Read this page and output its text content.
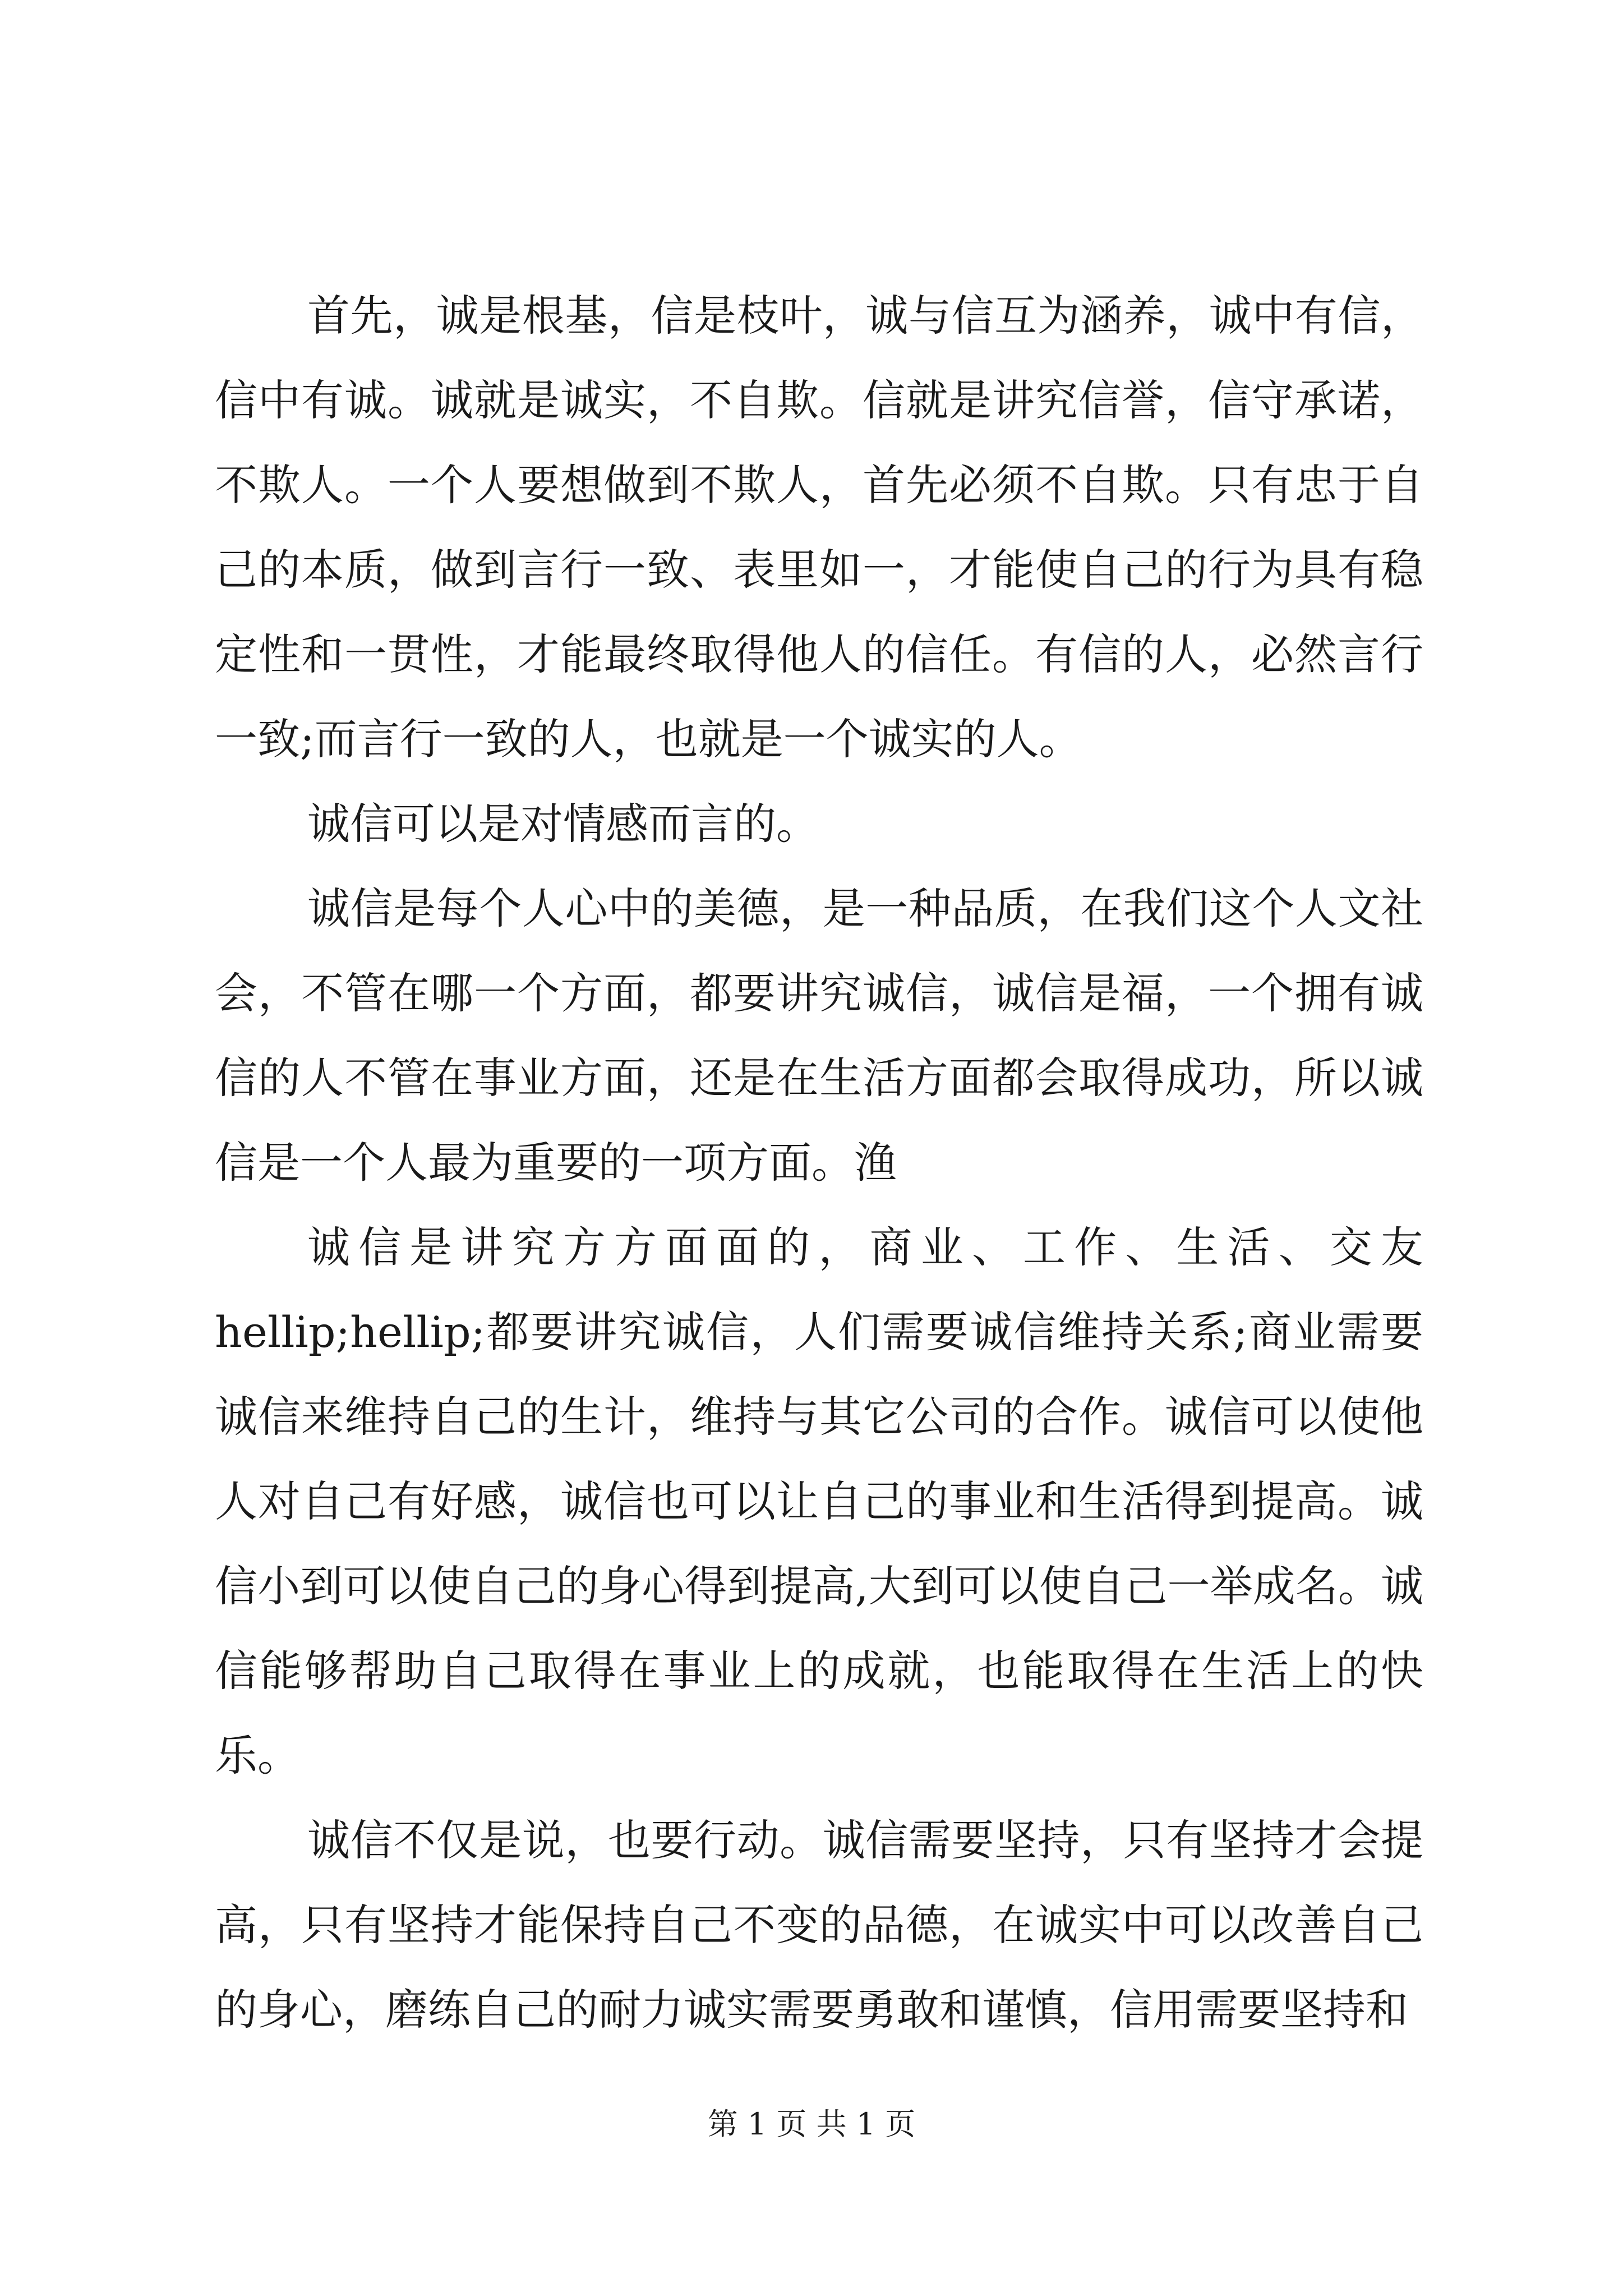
首先，诚是根基，信是枝叶，诚与信互为涵养，诚中有信，信中有诚。诚就是诚实，不自欺。信就是讲究信誉，信守承诺，不欺人。一个人要想做到不欺人，首先必须不自欺。只有忠于自己的本质，做到言行一致、表里如一，才能使自己的行为具有稳定性和一贯性，才能最终取得他人的信任。有信的人，必然言行一致;而言行一致的人，也就是一个诚实的人。

诚信可以是对情感而言的。

诚信是每个人心中的美德，是一种品质，在我们这个人文社会，不管在哪一个方面，都要讲究诚信，诚信是福，一个拥有诚信的人不管在事业方面，还是在生活方面都会取得成功，所以诚信是一个人最为重要的一项方面。渔

诚信是讲究方方面面的，商业、工作、生活、交友hellip;hellip;都要讲究诚信，人们需要诚信维持关系;商业需要诚信来维持自己的生计，维持与其它公司的合作。诚信可以使他人对自己有好感，诚信也可以让自己的事业和生活得到提高。诚信小到可以使自己的身心得到提高,大到可以使自己一举成名。诚信能够帮助自己取得在事业上的成就，也能取得在生活上的快乐。

诚信不仅是说，也要行动。诚信需要坚持，只有坚持才会提高，只有坚持才能保持自己不变的品德，在诚实中可以改善自己的身心，磨练自己的耐力诚实需要勇敢和谨慎，信用需要坚持和

第 1 页 共 1 页
